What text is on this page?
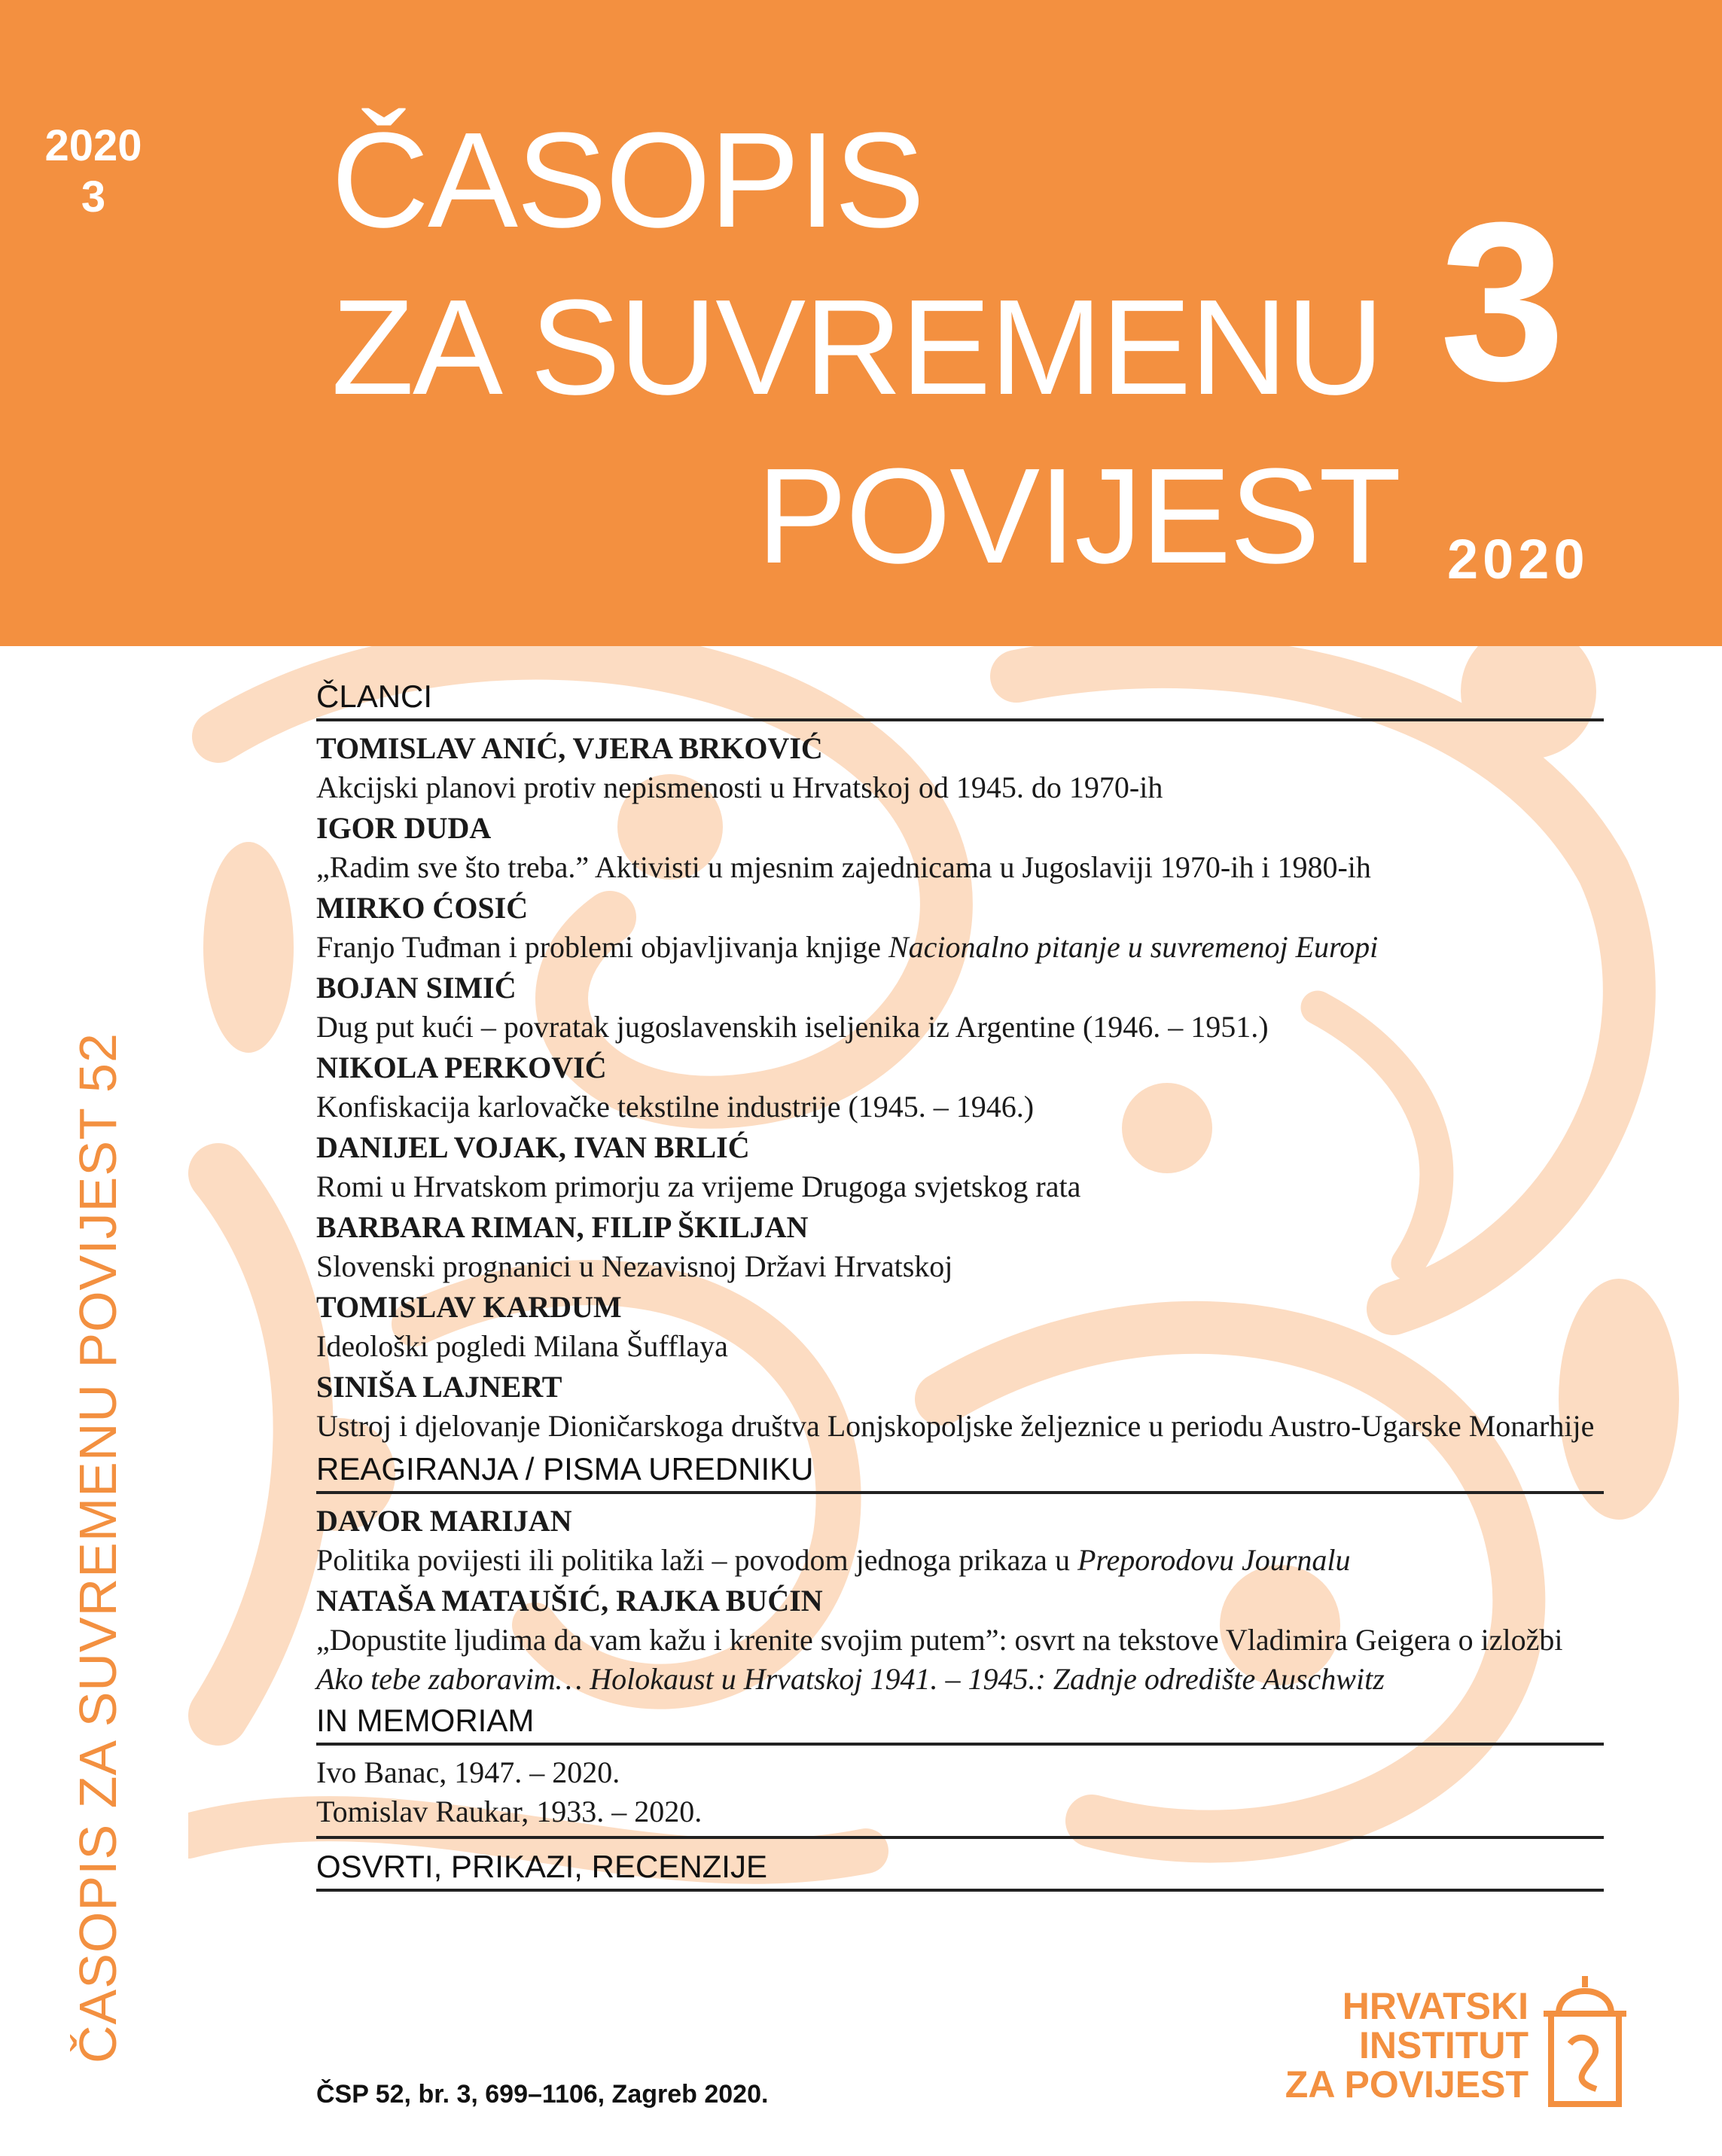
2020
3	ČASOPIS
ZA SUVREMENU
POVIJEST
3
2020
ČASOPIS ZA SUVREMENU POVIJEST 52
ČLANCI
TOMISLAV ANIĆ, VJERA BRKOVIĆ
Akcijski planovi protiv nepismenosti u Hrvatskoj od 1945. do 1970-ih
IGOR DUDA
„Radim sve što treba.” Aktivisti u mjesnim zajednicama u Jugoslaviji 1970-ih i 1980-ih
MIRKO ĆOSIĆ
Franjo Tuđman i problemi objavljivanja knjige Nacionalno pitanje u suvremenoj Europi
BOJAN SIMIĆ
Dug put kući – povratak jugoslavenskih iseljenika iz Argentine (1946. – 1951.)
NIKOLA PERKOVIĆ
Konfiskacija karlovačke tekstilne industrije (1945. – 1946.)
DANIJEL VOJAK, IVAN BRLIĆ
Romi u Hrvatskom primorju za vrijeme Drugoga svjetskog rata
BARBARA RIMAN, FILIP ŠKILJAN
Slovenski prognanici u Nezavisnoj Državi Hrvatskoj
TOMISLAV KARDUM
Ideološki pogledi Milana Šufflaya
SINIŠA LAJNERT
Ustroj i djelovanje Dioničarskoga društva Lonjskopoljske željeznice u periodu Austro-Ugarske Monarhije
REAGIRANJA / PISMA UREDNIKU
DAVOR MARIJAN
Politika povijesti ili politika laži – povodom jednoga prikaza u Preporodovu Journalu
NATAŠA MATAUŠIĆ, RAJKA BUĆIN
„Dopustite ljudima da vam kažu i krenite svojim putem”: osvrt na tekstove Vladimira Geigera o izložbi Ako tebe zaboravim… Holokaust u Hrvatskoj 1941. – 1945.: Zadnje odredište Auschwitz
IN MEMORIAM
Ivo Banac, 1947. – 2020.
Tomislav Raukar, 1933. – 2020.
OSVRTI, PRIKAZI, RECENZIJE
ČSP 52, br. 3, 699–1106, Zagreb 2020.
HRVATSKI
INSTITUT
ZA POVIJEST
